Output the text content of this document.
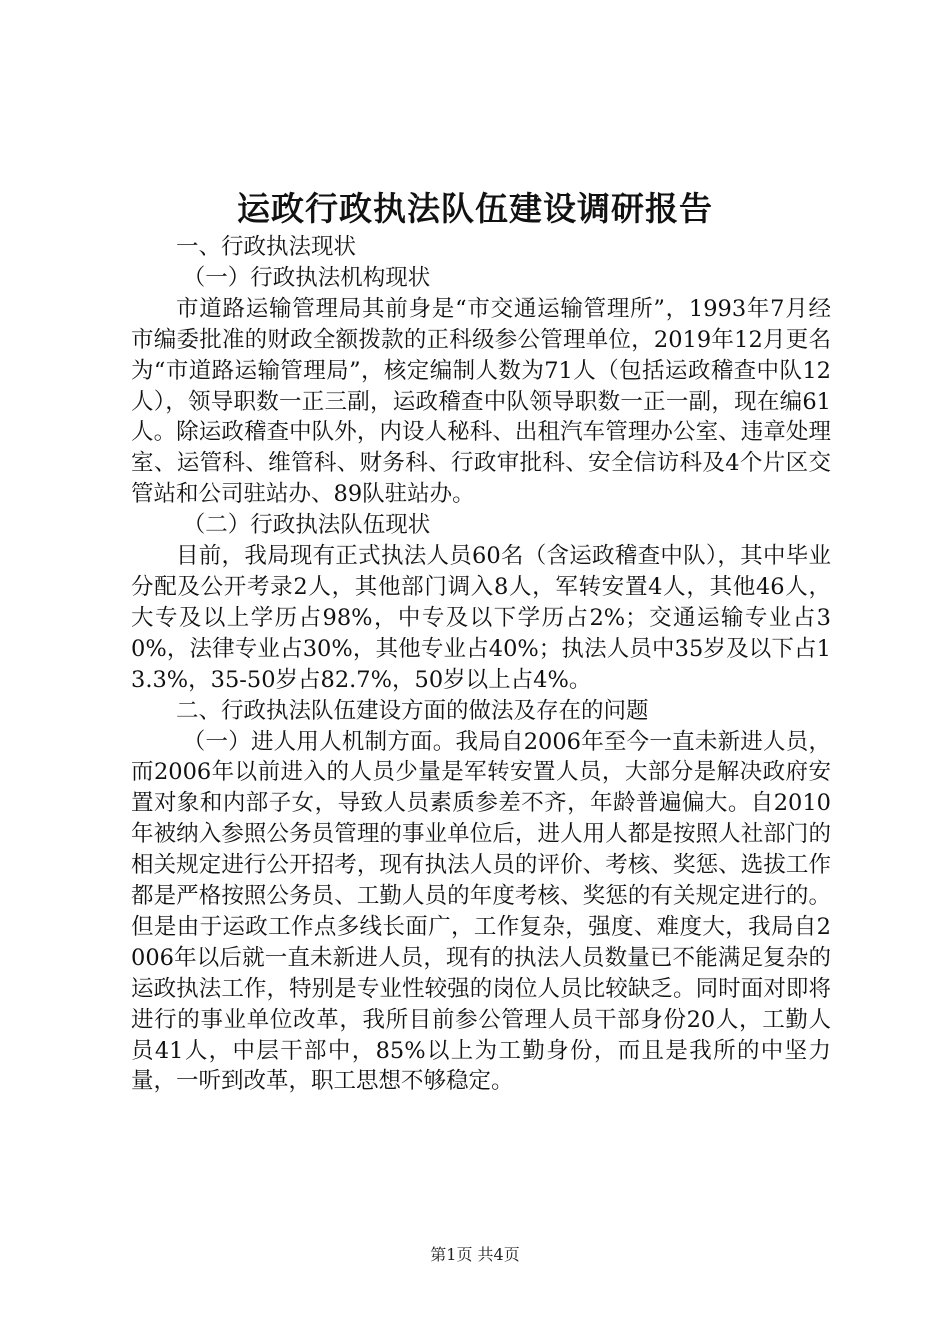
运政行政执法队伍建设调研报告

一、行政执法现状

（一）行政执法机构现状

市道路运输管理局其前身是“市交通运输管理所”，1993年7月经市编委批准的财政全额拨款的正科级参公管理单位，2019年12月更名为“市道路运输管理局”，核定编制人数为71人（包括运政稽查中队12人），领导职数一正三副，运政稽查中队领导职数一正一副，现在编61人。除运政稽查中队外，内设人秘科、出租汽车管理办公室、违章处理室、运管科、维管科、财务科、行政审批科、安全信访科及4个片区交管站和公司驻站办、89队驻站办。

（二）行政执法队伍现状

目前，我局现有正式执法人员60名（含运政稽查中队），其中毕业分配及公开考录2人，其他部门调入8人，军转安置4人，其他46人，大专及以上学历占98%，中专及以下学历占2%；交通运输专业占30%，法律专业占30%，其他专业占40%；执法人员中35岁及以下占13.3%，35-50岁占82.7%，50岁以上占4%。

二、行政执法队伍建设方面的做法及存在的问题

（一）进人用人机制方面。我局自2006年至今一直未新进人员，而2006年以前进入的人员少量是军转安置人员，大部分是解决政府安置对象和内部子女，导致人员素质参差不齐，年龄普遍偏大。自2010年被纳入参照公务员管理的事业单位后，进人用人都是按照人社部门的相关规定进行公开招考，现有执法人员的评价、考核、奖惩、选拔工作都是严格按照公务员、工勤人员的年度考核、奖惩的有关规定进行的。但是由于运政工作点多线长面广，工作复杂，强度、难度大，我局自2006年以后就一直未新进人员，现有的执法人员数量已不能满足复杂的运政执法工作，特别是专业性较强的岗位人员比较缺乏。同时面对即将进行的事业单位改革，我所目前参公管理人员干部身份20人，工勤人员41人，中层干部中，85%以上为工勤身份，而且是我所的中坚力量，一听到改革，职工思想不够稳定。

第1页 共4页
